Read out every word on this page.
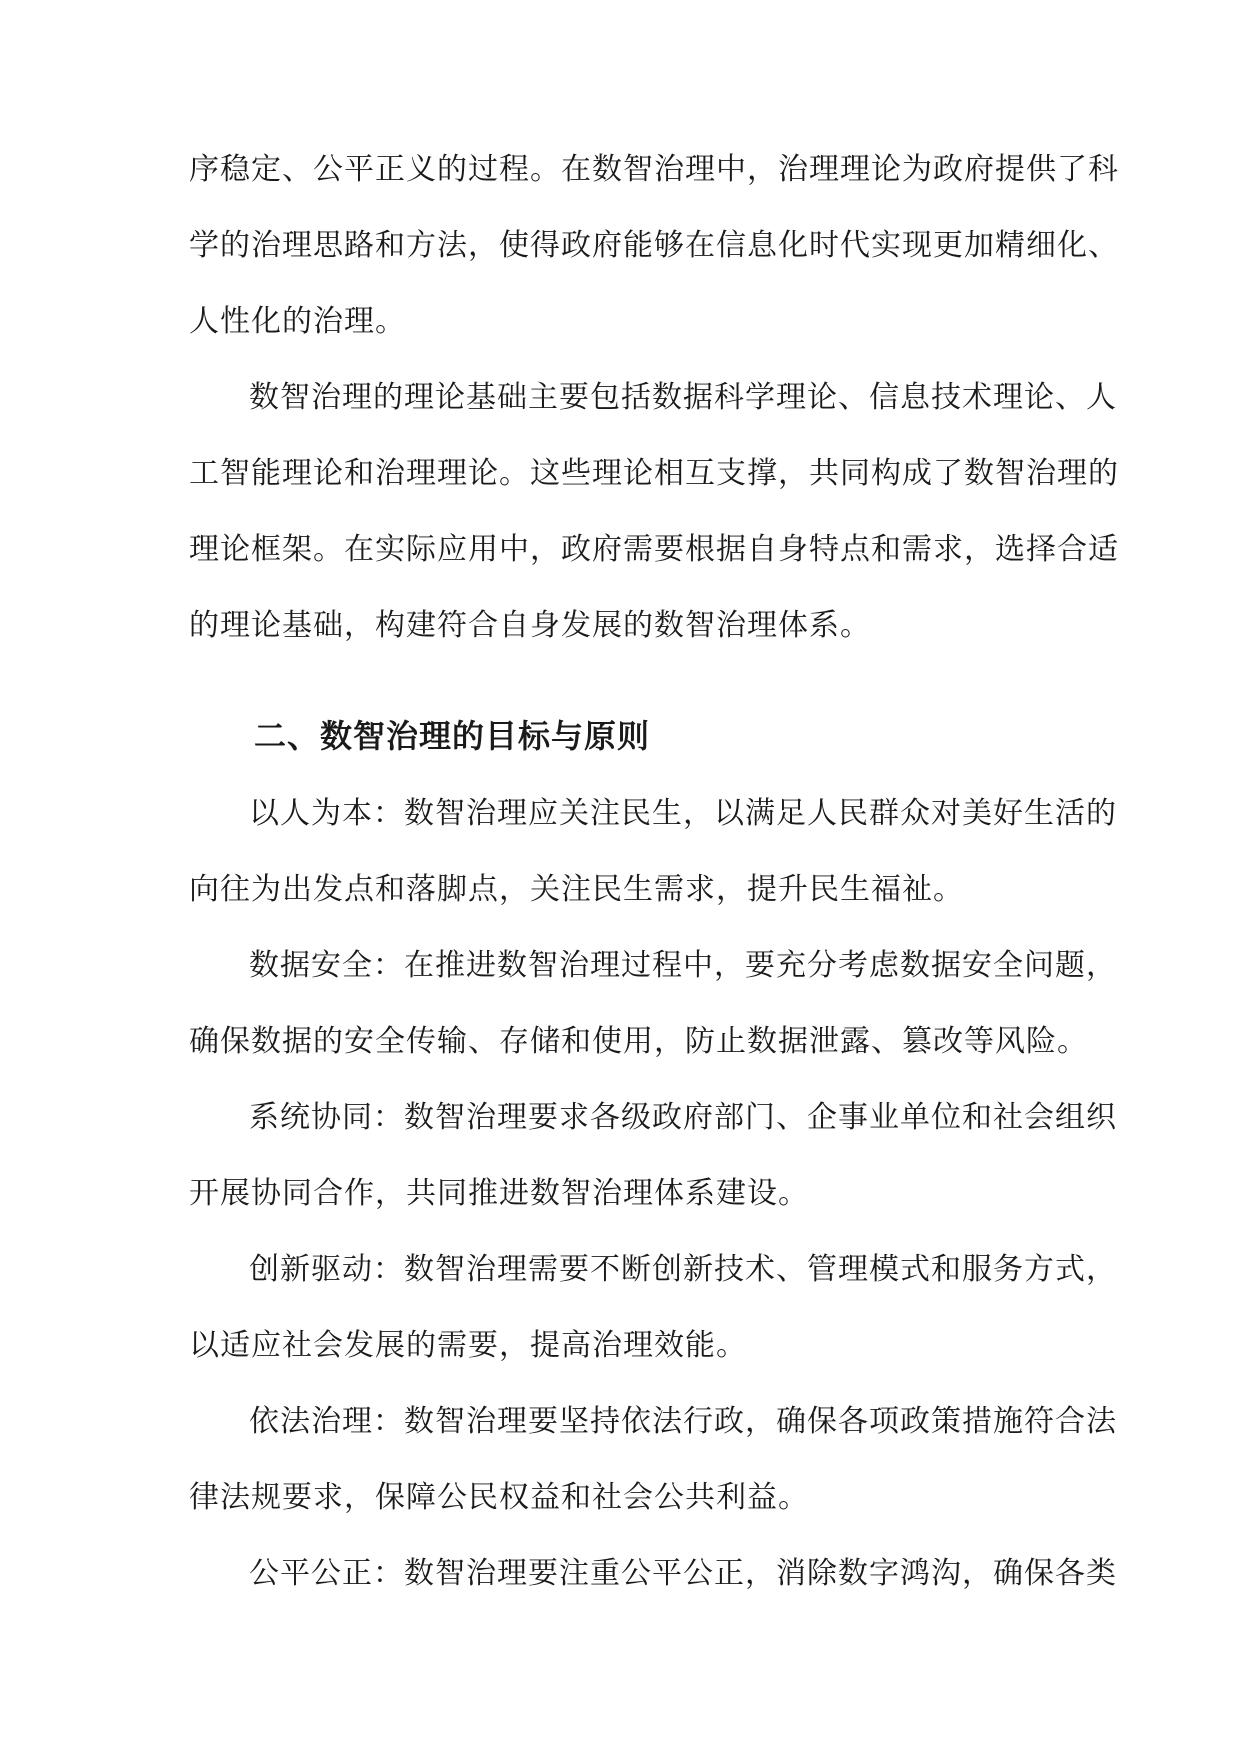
序稳定、公平正义的过程。在数智治理中，治理理论为政府提供了科
学的治理思路和方法，使得政府能够在信息化时代实现更加精细化、
人性化的治理。
数智治理的理论基础主要包括数据科学理论、信息技术理论、人
工智能理论和治理理论。这些理论相互支撑，共同构成了数智治理的
理论框架。在实际应用中，政府需要根据自身特点和需求，选择合适
的理论基础，构建符合自身发展的数智治理体系。
二、数智治理的目标与原则
以人为本：数智治理应关注民生，以满足人民群众对美好生活的
向往为出发点和落脚点，关注民生需求，提升民生福祉。
数据安全：在推进数智治理过程中，要充分考虑数据安全问题，
确保数据的安全传输、存储和使用，防止数据泄露、篡改等风险。
系统协同：数智治理要求各级政府部门、企事业单位和社会组织
开展协同合作，共同推进数智治理体系建设。
创新驱动：数智治理需要不断创新技术、管理模式和服务方式，
以适应社会发展的需要，提高治理效能。
依法治理：数智治理要坚持依法行政，确保各项政策措施符合法
律法规要求，保障公民权益和社会公共利益。
公平公正：数智治理要注重公平公正，消除数字鸿沟，确保各类
